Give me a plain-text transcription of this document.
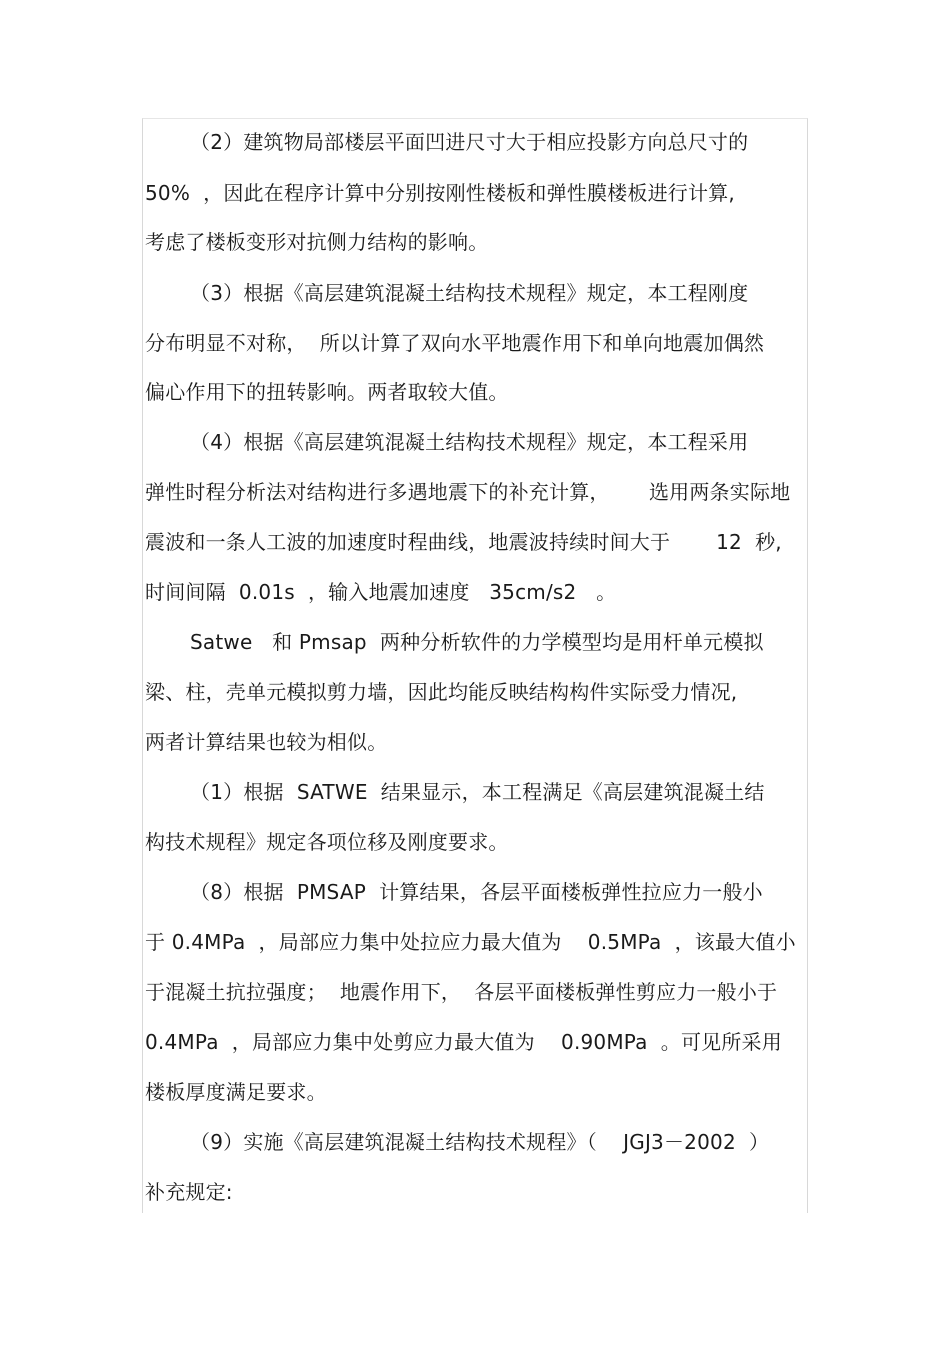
（2）建筑物局部楼层平面凹进尺寸大于相应投影方向总尺寸的
50%  ，因此在程序计算中分别按刚性楼板和弹性膜楼板进行计算,
考虑了楼板变形对抗侧力结构的影响。
（3）根据《高层建筑混凝土结构技术规程》规定，本工程刚度
分布明显不对称，  所以计算了双向水平地震作用下和单向地震加偶然
偏心作用下的扭转影响。两者取较大值。
（4）根据《高层建筑混凝土结构技术规程》规定，本工程采用
弹性时程分析法对结构进行多遇地震下的补充计算，      选用两条实际地
震波和一条人工波的加速度时程曲线，地震波持续时间大于       12  秒,
时间间隔  0.01s  ，输入地震加速度   35cm/s2   。
Satwe   和 Pmsap  两种分析软件的力学模型均是用杆单元模拟
梁、柱，壳单元模拟剪力墙，因此均能反映结构构件实际受力情况,
两者计算结果也较为相似。
（1）根据  SATWE  结果显示，本工程满足《高层建筑混凝土结
构技术规程》规定各项位移及刚度要求。
（8）根据  PMSAP  计算结果，各层平面楼板弹性拉应力一般小
于 0.4MPa  ，局部应力集中处拉应力最大值为    0.5MPa  ，该最大值小
于混凝土抗拉强度；  地震作用下，  各层平面楼板弹性剪应力一般小于
0.4MPa  ，局部应力集中处剪应力最大值为    0.90MPa  。可见所采用
楼板厚度满足要求。
（9）实施《高层建筑混凝土结构技术规程》（    JGJ3－2002  ）
补充规定:
